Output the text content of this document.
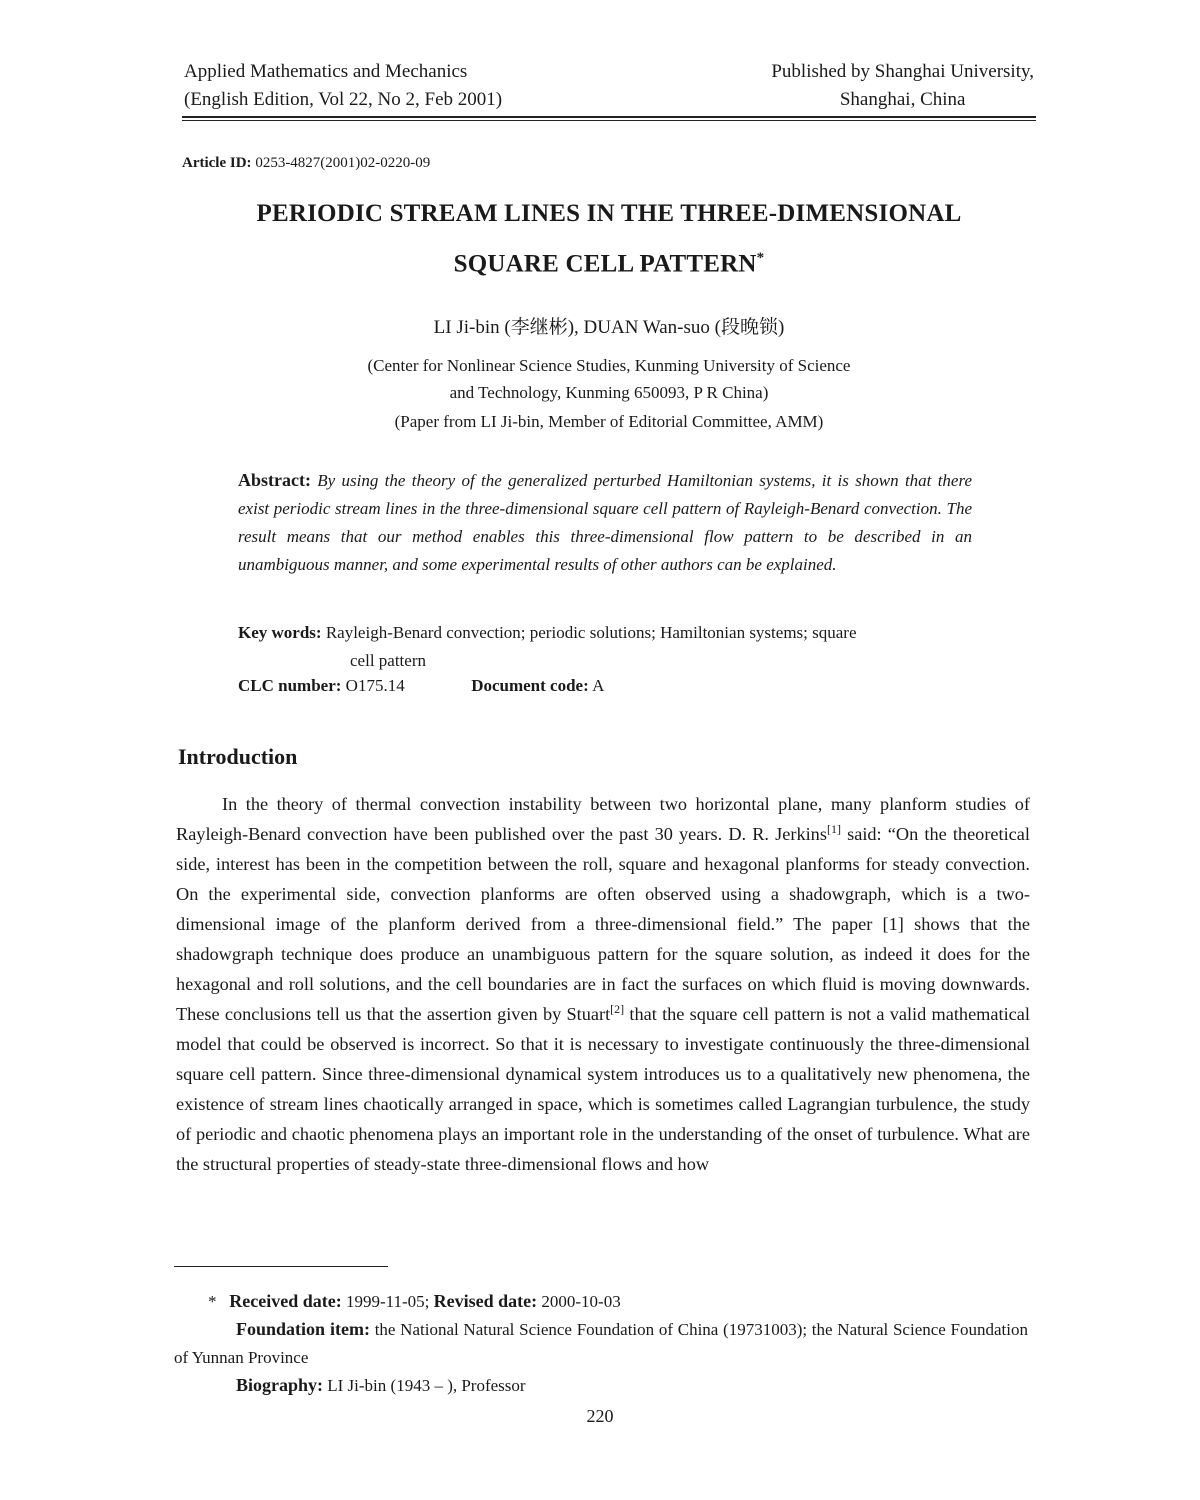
Applied Mathematics and Mechanics
(English Edition, Vol 22, No 2, Feb 2001)
Published by Shanghai University,
Shanghai, China
Article ID: 0253-4827(2001)02-0220-09
PERIODIC STREAM LINES IN THE THREE-DIMENSIONAL
SQUARE CELL PATTERN*
LI Ji-bin (李继彬), DUAN Wan-suo (段晚锁)
(Center for Nonlinear Science Studies, Kunming University of Science
and Technology, Kunming 650093, P R China)
(Paper from LI Ji-bin, Member of Editorial Committee, AMM)
Abstract: By using the theory of the generalized perturbed Hamiltonian systems, it is shown that there exist periodic stream lines in the three-dimensional square cell pattern of Rayleigh-Benard convection. The result means that our method enables this three-dimensional flow pattern to be described in an unambiguous manner, and some experimental results of other authors can be explained.
Key words: Rayleigh-Benard convection; periodic solutions; Hamiltonian systems; square
cell pattern
CLC number: O175.14	Document code: A
Introduction
In the theory of thermal convection instability between two horizontal plane, many planform studies of Rayleigh-Benard convection have been published over the past 30 years. D. R. Jerkins[1] said: “On the theoretical side, interest has been in the competition between the roll, square and hexagonal planforms for steady convection. On the experimental side, convection planforms are often observed using a shadowgraph, which is a two-dimensional image of the planform derived from a three-dimensional field.” The paper [1] shows that the shadowgraph technique does produce an unambiguous pattern for the square solution, as indeed it does for the hexagonal and roll solutions, and the cell boundaries are in fact the surfaces on which fluid is moving downwards. These conclusions tell us that the assertion given by Stuart[2] that the square cell pattern is not a valid mathematical model that could be observed is incorrect. So that it is necessary to investigate continuously the three-dimensional square cell pattern. Since three-dimensional dynamical system introduces us to a qualitatively new phenomena, the existence of stream lines chaotically arranged in space, which is sometimes called Lagrangian turbulence, the study of periodic and chaotic phenomena plays an important role in the understanding of the onset of turbulence. What are the structural properties of steady-state three-dimensional flows and how
* Received date: 1999-11-05; Revised date: 2000-10-03
Foundation item: the National Natural Science Foundation of China (19731003); the Natural Science Foundation of Yunnan Province
Biography: LI Ji-bin (1943 – ), Professor
220
